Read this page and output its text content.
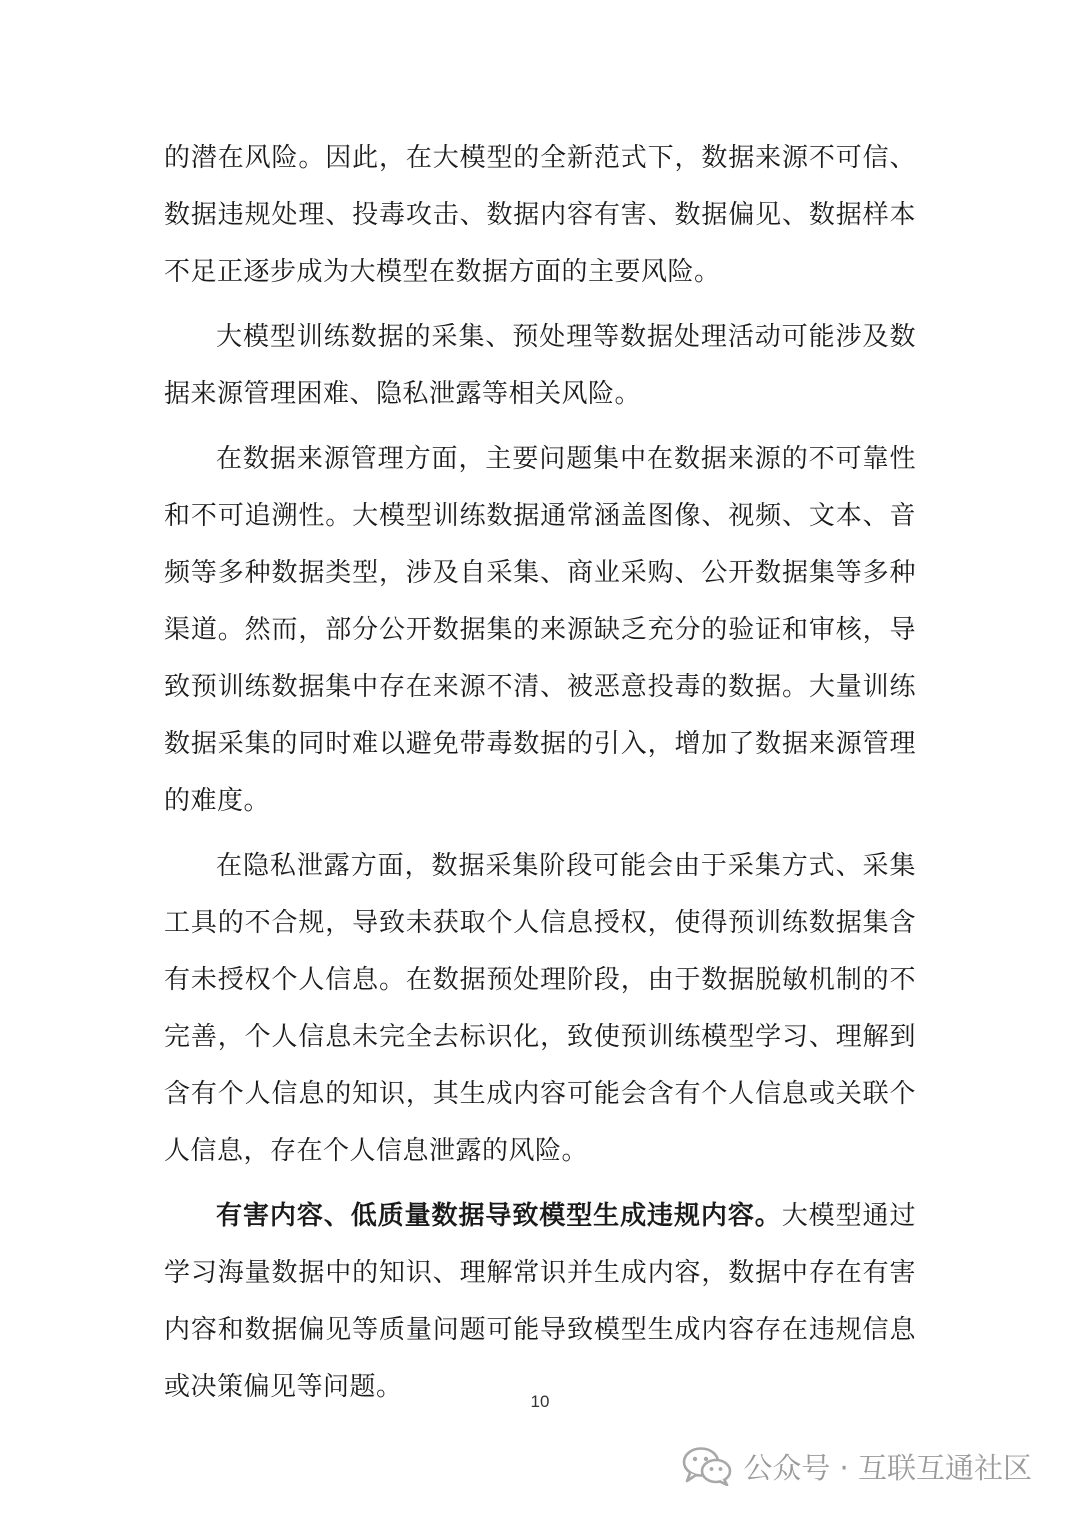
的潜在风险。因此，在大模型的全新范式下，数据来源不可信、数据违规处理、投毒攻击、数据内容有害、数据偏见、数据样本不足正逐步成为大模型在数据方面的主要风险。

大模型训练数据的采集、预处理等数据处理活动可能涉及数据来源管理困难、隐私泄露等相关风险。

在数据来源管理方面，主要问题集中在数据来源的不可靠性和不可追溯性。大模型训练数据通常涵盖图像、视频、文本、音频等多种数据类型，涉及自采集、商业采购、公开数据集等多种渠道。然而，部分公开数据集的来源缺乏充分的验证和审核，导致预训练数据集中存在来源不清、被恶意投毒的数据。大量训练数据采集的同时难以避免带毒数据的引入，增加了数据来源管理的难度。

在隐私泄露方面，数据采集阶段可能会由于采集方式、采集工具的不合规，导致未获取个人信息授权，使得预训练数据集含有未授权个人信息。在数据预处理阶段，由于数据脱敏机制的不完善，个人信息未完全去标识化，致使预训练模型学习、理解到含有个人信息的知识，其生成内容可能会含有个人信息或关联个人信息，存在个人信息泄露的风险。

有害内容、低质量数据导致模型生成违规内容。大模型通过学习海量数据中的知识、理解常识并生成内容，数据中存在有害内容和数据偏见等质量问题可能导致模型生成内容存在违规信息或决策偏见等问题。	10
公众号 · 互联互通社区
